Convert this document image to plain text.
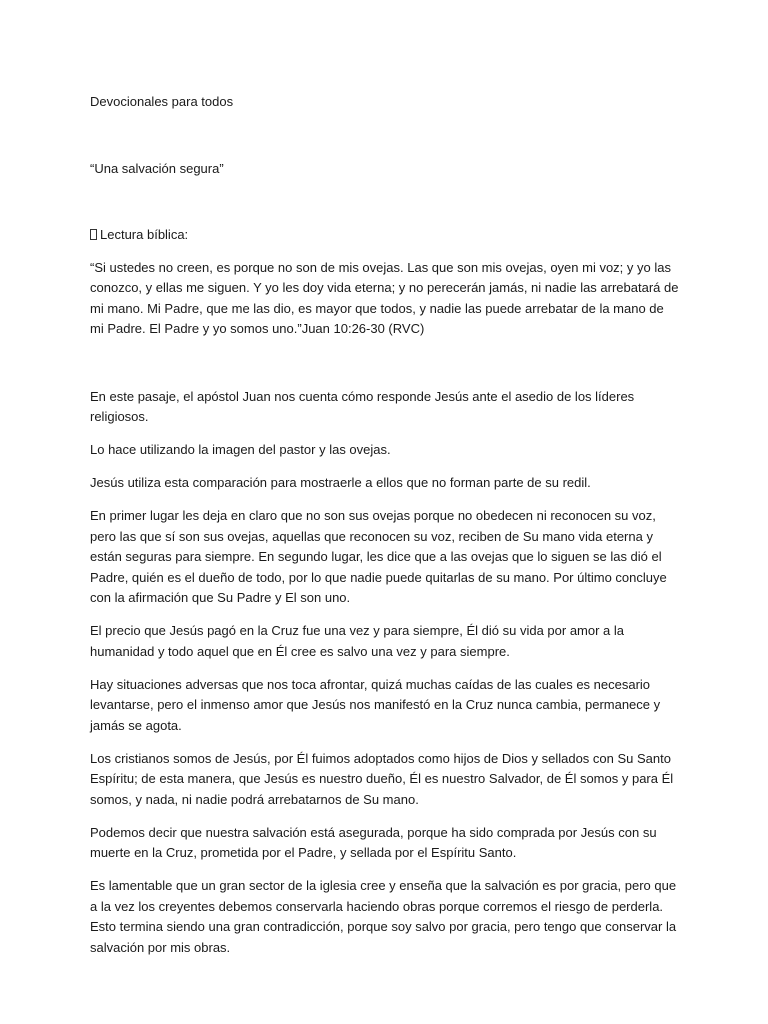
Devocionales para todos

“Una salvación segura”

Lectura bíblica:

“Si ustedes no creen, es porque no son de mis ovejas. Las que son mis ovejas, oyen mi voz; y yo las conozco, y ellas me siguen. Y yo les doy vida eterna; y no perecerán jamás, ni nadie las arrebatará de mi mano. Mi Padre, que me las dio, es mayor que todos, y nadie las puede arrebatar de la mano de mi Padre. El Padre y yo somos uno.”Juan 10:26-30 (RVC)

En este pasaje, el apóstol Juan nos cuenta cómo responde Jesús ante el asedio de los líderes religiosos.

Lo hace utilizando la imagen del pastor y las ovejas.

Jesús utiliza esta comparación para mostraerle a ellos que no forman parte de su redil.

En primer lugar les deja en claro que no son sus ovejas porque no obedecen ni reconocen su voz, pero las que sí son sus ovejas, aquellas que reconocen su voz, reciben de Su mano vida eterna y están seguras para siempre. En segundo lugar, les dice que a las ovejas que lo siguen se las dió el Padre, quién es el dueño de todo, por lo que nadie puede quitarlas de su mano. Por último concluye con la afirmación que Su Padre y El son uno.

El precio que Jesús pagó en la Cruz fue una vez y para siempre, Él dió su vida por amor a la humanidad y todo aquel que en Él cree es salvo una vez y para siempre.

Hay situaciones adversas que nos toca afrontar, quizá muchas caídas de las cuales es necesario levantarse, pero el inmenso amor que Jesús nos manifestó en la Cruz nunca cambia, permanece y jamás se agota.

Los cristianos somos de Jesús, por Él fuimos adoptados como hijos de Dios y sellados con Su Santo Espíritu; de esta manera, que Jesús es nuestro dueño, Él es nuestro Salvador, de Él somos y para Él somos, y nada, ni nadie podrá arrebatarnos de Su mano.

Podemos decir que nuestra salvación está asegurada, porque ha sido comprada por Jesús con su muerte en la Cruz, prometida por el Padre, y sellada por el Espíritu Santo.

Es lamentable que un gran sector de la iglesia cree y enseña que la salvación es por gracia, pero que a la vez los creyentes debemos conservarla haciendo obras porque corremos el riesgo de perderla. Esto termina siendo una gran contradicción, porque soy salvo por gracia, pero tengo que conservar la salvación por mis obras.
